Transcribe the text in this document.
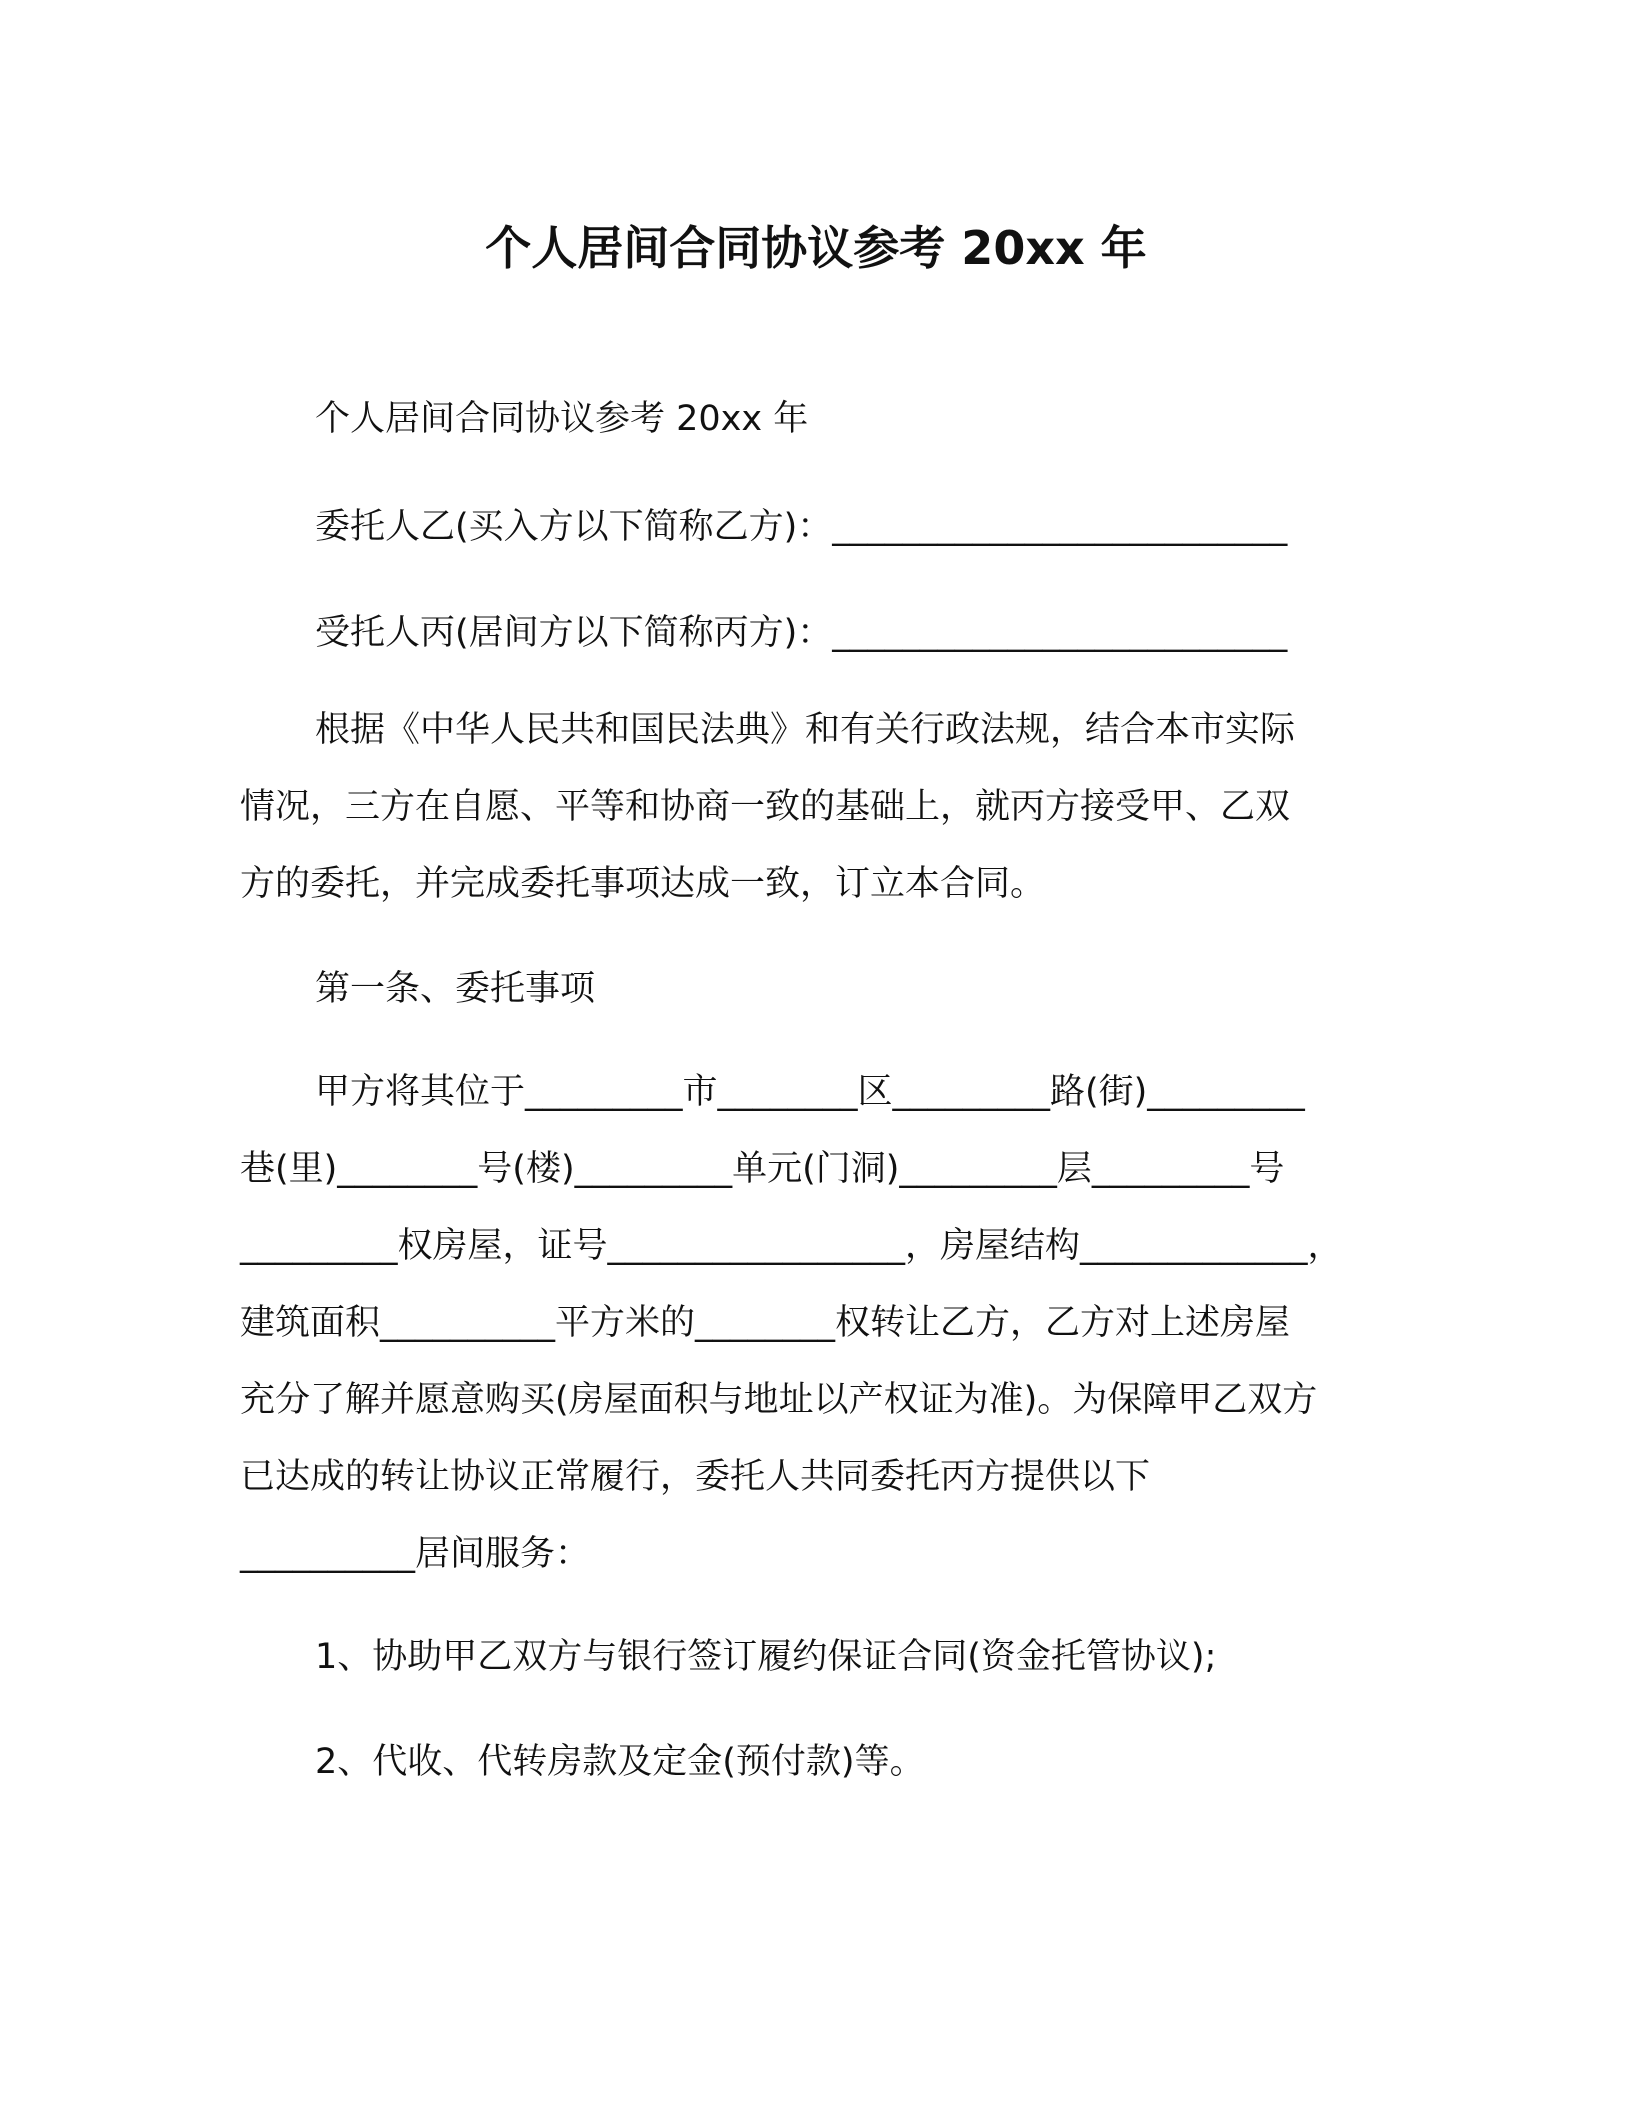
个人居间合同协议参考 20xx 年
个人居间合同协议参考 20xx 年
委托人乙(买入方以下简称乙方)：__________________________
受托人丙(居间方以下简称丙方)：__________________________
根据《中华人民共和国民法典》和有关行政法规，结合本市实际
情况，三方在自愿、平等和协商一致的基础上，就丙方接受甲、乙双
方的委托，并完成委托事项达成一致，订立本合同。
第一条、委托事项
甲方将其位于_________市________区_________路(街)_________
巷(里)________号(楼)_________单元(门洞)_________层_________号
_________权房屋，证号_________________，房屋结构_____________，
建筑面积__________平方米的________权转让乙方，乙方对上述房屋
充分了解并愿意购买(房屋面积与地址以产权证为准)。为保障甲乙双方
已达成的转让协议正常履行，委托人共同委托丙方提供以下
__________居间服务：
1、协助甲乙双方与银行签订履约保证合同(资金托管协议);
2、代收、代转房款及定金(预付款)等。
